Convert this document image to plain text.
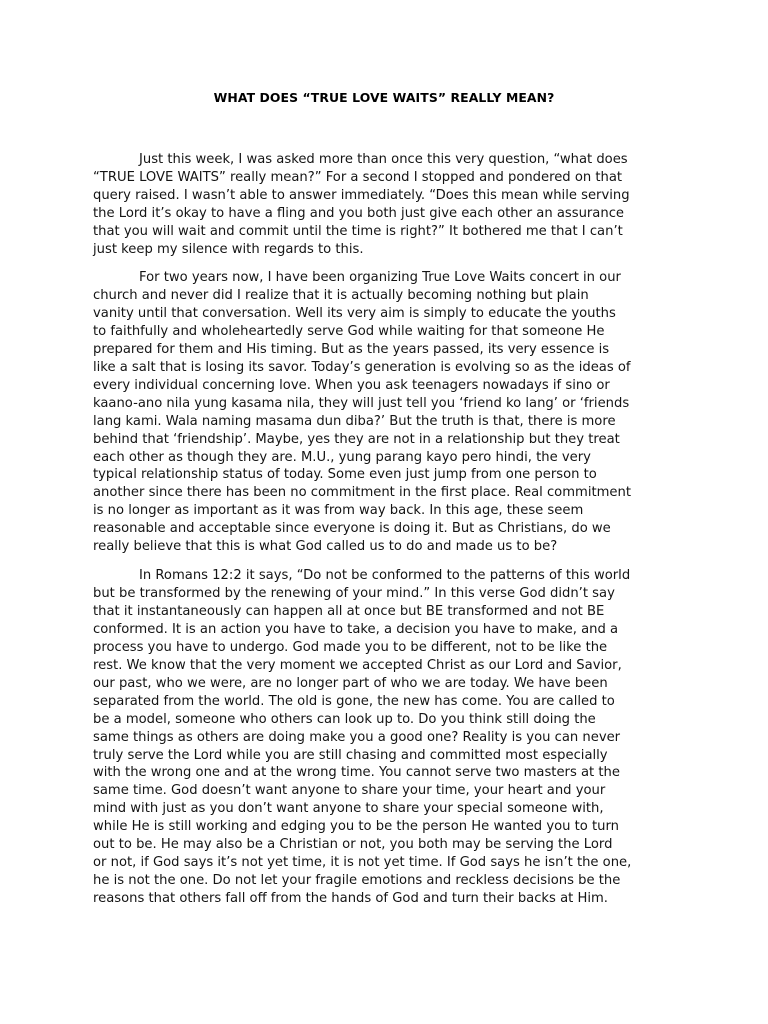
WHAT DOES “TRUE LOVE WAITS” REALLY MEAN?
Just this week, I was asked more than once this very question, “what does
“TRUE LOVE WAITS” really mean?” For a second I stopped and pondered on that
query raised. I wasn’t able to answer immediately. “Does this mean while serving
the Lord it’s okay to have a fling and you both just give each other an assurance
that you will wait and commit until the time is right?” It bothered me that I can’t
just keep my silence with regards to this.
For two years now, I have been organizing True Love Waits concert in our
church and never did I realize that it is actually becoming nothing but plain
vanity until that conversation. Well its very aim is simply to educate the youths
to faithfully and wholeheartedly serve God while waiting for that someone He
prepared for them and His timing. But as the years passed, its very essence is
like a salt that is losing its savor. Today’s generation is evolving so as the ideas of
every individual concerning love. When you ask teenagers nowadays if sino or
kaano-ano nila yung kasama nila, they will just tell you ‘friend ko lang’ or ‘friends
lang kami. Wala naming masama dun diba?’ But the truth is that, there is more
behind that ‘friendship’. Maybe, yes they are not in a relationship but they treat
each other as though they are. M.U., yung parang kayo pero hindi, the very
typical relationship status of today. Some even just jump from one person to
another since there has been no commitment in the first place. Real commitment
is no longer as important as it was from way back. In this age, these seem
reasonable and acceptable since everyone is doing it. But as Christians, do we
really believe that this is what God called us to do and made us to be?
In Romans 12:2 it says, “Do not be conformed to the patterns of this world
but be transformed by the renewing of your mind.” In this verse God didn’t say
that it instantaneously can happen all at once but BE transformed and not BE
conformed. It is an action you have to take, a decision you have to make, and a
process you have to undergo. God made you to be different, not to be like the
rest. We know that the very moment we accepted Christ as our Lord and Savior,
our past, who we were, are no longer part of who we are today. We have been
separated from the world. The old is gone, the new has come. You are called to
be a model, someone who others can look up to. Do you think still doing the
same things as others are doing make you a good one? Reality is you can never
truly serve the Lord while you are still chasing and committed most especially
with the wrong one and at the wrong time. You cannot serve two masters at the
same time. God doesn’t want anyone to share your time, your heart and your
mind with just as you don’t want anyone to share your special someone with,
while He is still working and edging you to be the person He wanted you to turn
out to be. He may also be a Christian or not, you both may be serving the Lord
or not, if God says it’s not yet time, it is not yet time. If God says he isn’t the one,
he is not the one. Do not let your fragile emotions and reckless decisions be the
reasons that others fall off from the hands of God and turn their backs at Him.
